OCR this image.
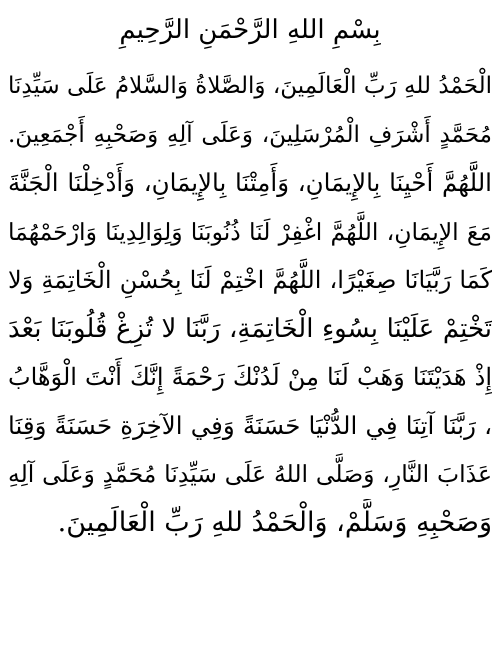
بِسْمِ اللهِ الرَّحْمَنِ الرَّحِيمِ
الْحَمْدُ للهِ رَبِّ الْعَالَمِينَ، وَالصَّلاةُ وَالسَّلامُ عَلَى سَيِّدِنَا
مُحَمَّدٍ أَشْرَفِ الْمُرْسَلِينَ، وَعَلَى آلِهِ وَصَحْبِهِ أَجْمَعِينَ.
اللَّهُمَّ أَحْيِنَا بِالإِيمَانِ، وَأَمِتْنَا بِالإِيمَانِ، وَأَدْخِلْنَا الْجَنَّةَ
مَعَ الإِيمَانِ، اللَّهُمَّ اغْفِرْ لَنَا ذُنُوبَنَا وَلِوَالِدِينَا وَارْحَمْهُمَا
كَمَا رَبَّيَانَا صِغَيْرًا، اللَّهُمَّ اخْتِمْ لَنَا بِحُسْنِ الْخَاتِمَةِ وَلا
تَخْتِمْ عَلَيْنَا بِسُوءِ الْخَاتِمَةِ، رَبَّنَا لا تُزِغْ قُلُوبَنَا بَعْدَ
إِذْ هَدَيْتَنَا وَهَبْ لَنَا مِنْ لَدُنْكَ رَحْمَةً إِنَّكَ أَنْتَ الْوَهَّابُ
، رَبَّنَا آتِنَا فِي الدُّنْيَا حَسَنَةً وَفِي الآخِرَةِ حَسَنَةً وَقِنَا
عَذَابَ النَّارِ، وَصَلَّى اللهُ عَلَى سَيِّدِنَا مُحَمَّدٍ وَعَلَى آلِهِ
وَصَحْبِهِ وَسَلَّمْ، وَالْحَمْدُ للهِ رَبِّ الْعَالَمِينَ.
